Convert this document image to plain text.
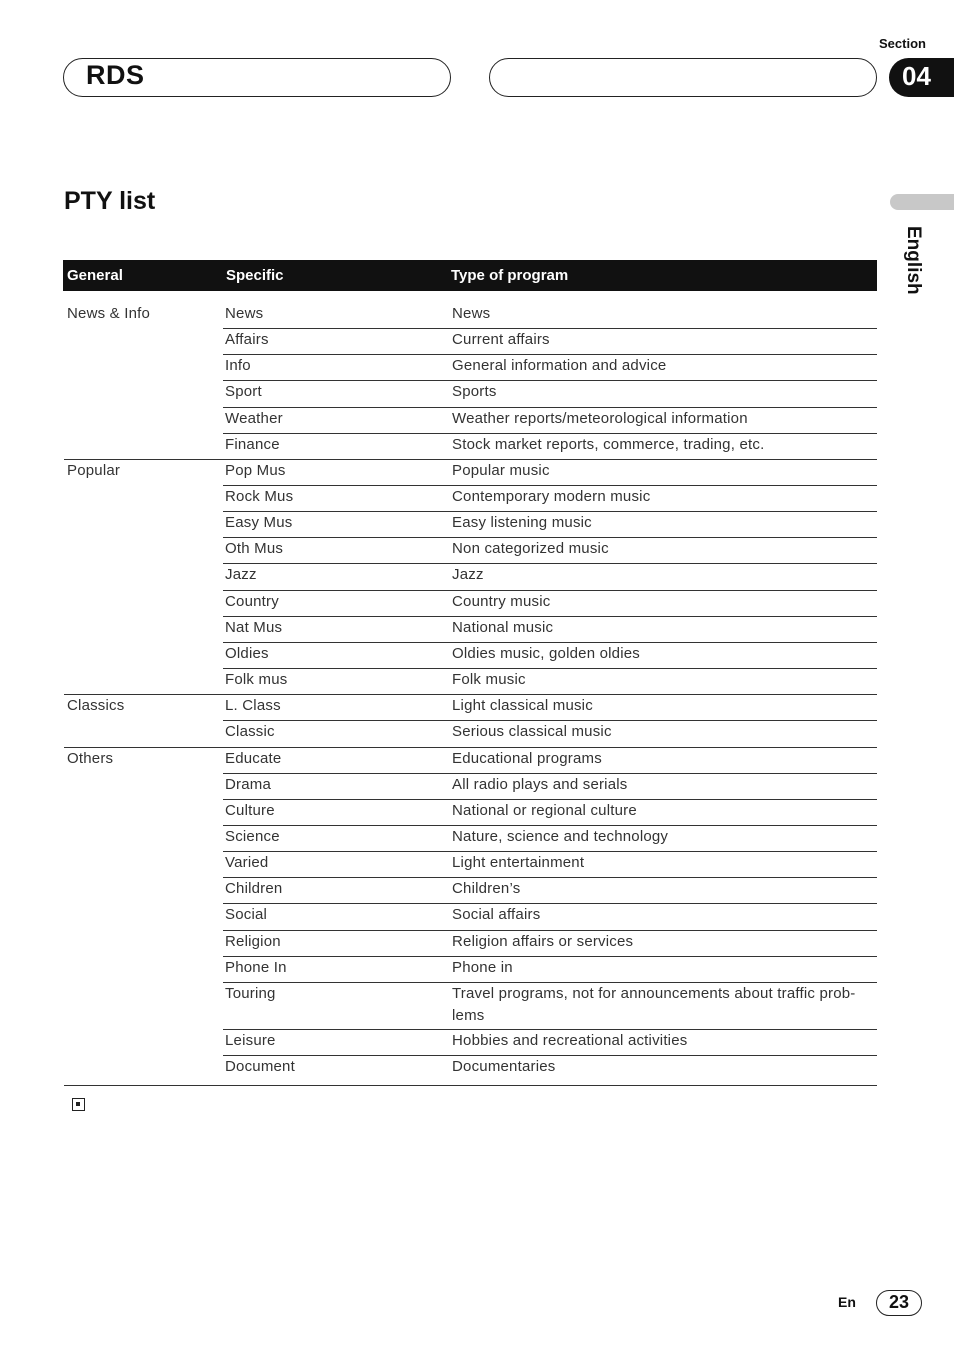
RDS
Section
04
English
PTY list
General	Specific	Type of program
News & Info	News	News
Affairs	Current affairs
Info	General information and advice
Sport	Sports
Weather	Weather reports/meteorological information
Finance	Stock market reports, commerce, trading, etc.
Popular	Pop Mus	Popular music
Rock Mus	Contemporary modern music
Easy Mus	Easy listening music
Oth Mus	Non categorized music
Jazz	Jazz
Country	Country music
Nat Mus	National music
Oldies	Oldies music, golden oldies
Folk mus	Folk music
Classics	L. Class	Light classical music
Classic	Serious classical music
Others	Educate	Educational programs
Drama	All radio plays and serials
Culture	National or regional culture
Science	Nature, science and technology
Varied	Light entertainment
Children	Children’s
Social	Social affairs
Religion	Religion affairs or services
Phone In	Phone in
Touring	Travel programs, not for announcements about traffic prob-
lems
Leisure	Hobbies and recreational activities
Document	Documentaries
En	23
